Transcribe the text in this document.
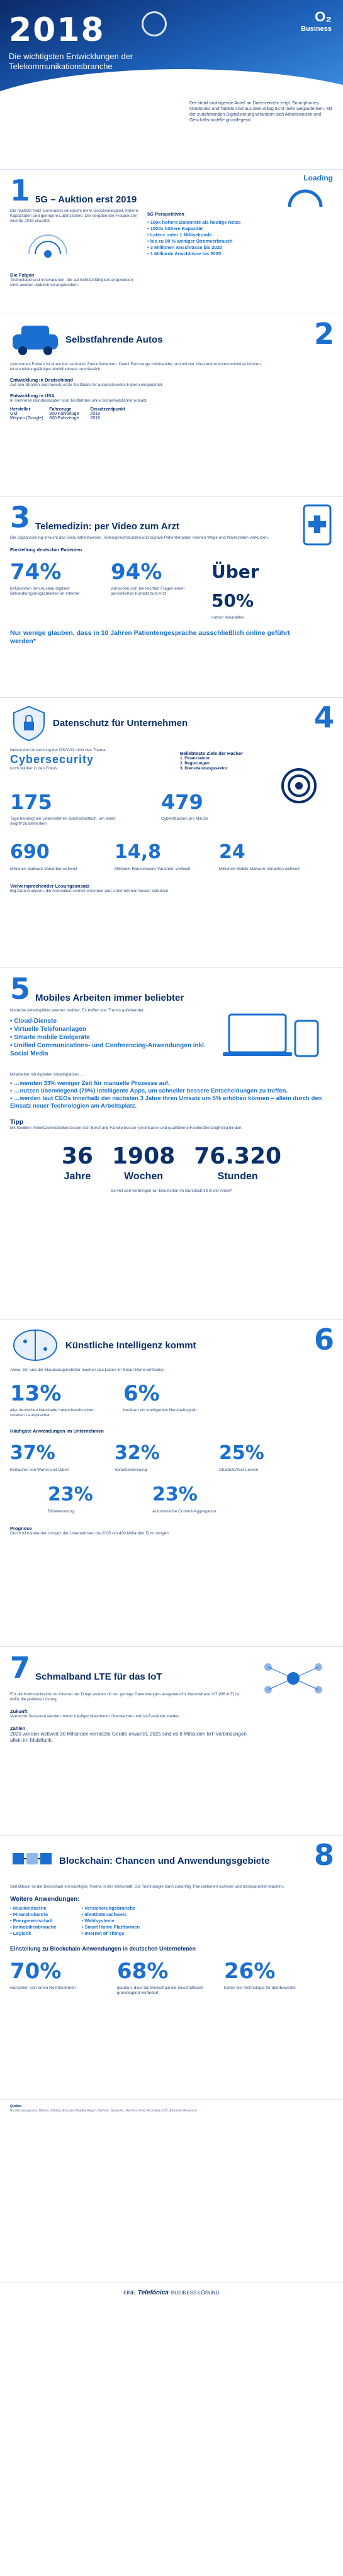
2018
Die wichtigsten Entwicklungen der Telekommunikationsbranche
O₂
Business
Der stabil ansteigende Anteil an Datenverkehr zeigt: Smartphones, Notebooks und Tablets sind aus dem Alltag nicht mehr wegzudenken. Mit der zunehmenden Digitalisierung verändern sich Arbeitsweisen und Geschäftsmodelle grundlegend.
Loading
1 5G – Auktion erst 2019
Die nächste Netz-Generation verspricht mehr Geschwindigkeit, höhere Kapazitäten und geringere Latenzzeiten. Die Vergabe der Frequenzen wird für 2019 erwartet.
Die Folgen
Technologie und Innovationen, die auf Echtzeitfähigkeit angewiesen sind, werden dadurch vorangetrieben.
5G Perspektiven
• 100x höhere Datenrate als heutige Netze
• 1000x höhere Kapazität
• Latenz unter 1 Millisekunde
• bis zu 90 % weniger Stromverbrauch
• 3 Millionen Anschlüsse bis 2020
• 1 Milliarde Anschlüsse bis 2025
2
Selbstfahrende Autos
Autonomes Fahren ist eines der zentralen Zukunftsthemen. Damit Fahrzeuge miteinander und mit der Infrastruktur kommunizieren können, ist ein leistungsfähiges Mobilfunknetz unerlässlich.
Entwicklung in Deutschland
Auf den Straßen sind bereits erste Testfelder für automatisiertes Fahren eingerichtet.
Entwicklung in USA
In mehreren Bundesstaaten sind Testfahrten ohne Sicherheitsfahrer erlaubt.
Hersteller	Fahrzeuge	Einsatzzeitpunkt
GM	300 Fahrzeuge	2019
Waymo (Google)	600 Fahrzeuge	2018
3 Telemedizin: per Video zum Arzt
Die Digitalisierung erreicht das Gesundheitswesen. Videosprechstunden und digitale Patientenakten können Wege und Wartezeiten verkürzen.
Einstellung deutscher Patienten
74%
befürworten den Ausbau digitaler Behandlungsmöglichkeiten im Internet
94%
wünschen sich bei leichten Fragen einen persönlichen Kontakt zum Arzt
Über 50%
nutzen Wearables
Nur wenige glauben, dass in 10 Jahren Patientengespräche ausschließlich online geführt werden*
4
Datenschutz für Unternehmen
Neben der Umsetzung der DSGVO rückt das Thema
Cybersecurity
noch stärker in den Fokus
Beliebteste Ziele der Hacker
1. Finanzsektor
2. Regierungen
3. Dienstleistungssektor
175
Tage benötigt ein Unternehmen durchschnittlich, um einen Angriff zu bemerken
479
Cyberattacken pro Minute
690
Millionen Malware-Varianten weltweit
14,8
Millionen Ransomware-Varianten weltweit
24
Millionen Mobile-Malware-Varianten weltweit
Vielversprechender Lösungsansatz
Big Data Analysen, die Anomalien schnell erkennen und Unternehmen besser schützen.
5 Mobiles Arbeiten immer beliebter
Moderne Arbeitsplätze werden mobiler. Es treffen vier Trends aufeinander:
• Cloud-Dienste
• Virtuelle Telefonanlagen
• Smarte mobile Endgeräte
• Unified Communications- und Conferencing-Anwendungen inkl. Social Media
Mitarbeiter mit digitalen Arbeitsplätzen…
• …wenden 33% weniger Zeit für manuelle Prozesse auf.
• …nutzen überwiegend (79%) intelligente Apps, um schneller bessere Entscheidungen zu treffen.
• …werden laut CEOs innerhalb der nächsten 3 Jahre ihren Umsatz um 5% erhöhen können – allein durch den Einsatz neuer Technologien am Arbeitsplatz.
Tipp
Mit flexiblen Arbeitszeitmodellen lassen sich Beruf und Familie besser vereinbaren und qualifizierte Fachkräfte langfristig binden.
36
Jahre
1908
Wochen
76.320
Stunden
So viel Zeit verbringen wir Deutschen im Durchschnitt in der Arbeit*
6
Künstliche Intelligenz kommt
Alexa, Siri und die Staubsaugerroboter machen das Leben im Smart Home einfacher.
13%
aller deutschen Haushalte haben bereits einen smarten Lautsprecher
6%
besitzen ein intelligentes Haushaltsgerät
Häufigste Anwendungen im Unternehmen
37%
Einkaufen von Waren und Daten
32%
Spracherkennung
25%
Chatbots/Text-Lernen
23%
Bilderkennung
23%
Automatische Content-Aggregation
Prognose
Durch KI könnte der Umsatz der Unternehmen bis 2035 um 430 Milliarden Euro steigen.
7 Schmalband LTE für das IoT
Für die Kommunikation im Internet der Dinge werden oft nur geringe Datenmengen ausgetauscht. Narrowband IoT (NB-IoT) ist dafür die perfekte Lösung.
Zukunft
Vernetzte Sensoren werden immer häufiger Maschinen überwachen und Ist-Zustände melden.
Zahlen
2020 werden weltweit 30 Milliarden vernetzte Geräte erwartet, 2025 sind es 8 Milliarden IoT-Verbindungen allein im Mobilfunk.
8
Blockchain: Chancen und Anwendungsgebiete
Seit Bitcoin ist die Blockchain ein wichtiges Thema in der Wirtschaft. Die Technologie kann zukünftig Transaktionen sicherer und transparenter machen.
Weitere Anwendungen:
• Musikindustrie
• Finanzindustrie
• Energiewirtschaft
• Immobilienbranche
• Logistik
• Versicherungsbranche
• Identitätsnachweis
• Wahlsysteme
• Smart Home Plattformen
• Internet of Things
Einstellung zu Blockchain-Anwendungen in deutschen Unternehmen
70%
wünschen sich einen Rechtsrahmen
68%
glauben, dass die Blockchain die Geschäftswelt grundlegend verändert
26%
halten die Technologie für überbewertet
Quellen
Bundesnetzagentur, Bitkom, Statista, Ericsson Mobility Report, Gartner, Symantec, AV-Test, PwC, Accenture, IDC, Forrester Research.
EINE Telefónica BUSINESS-LÖSUNG
